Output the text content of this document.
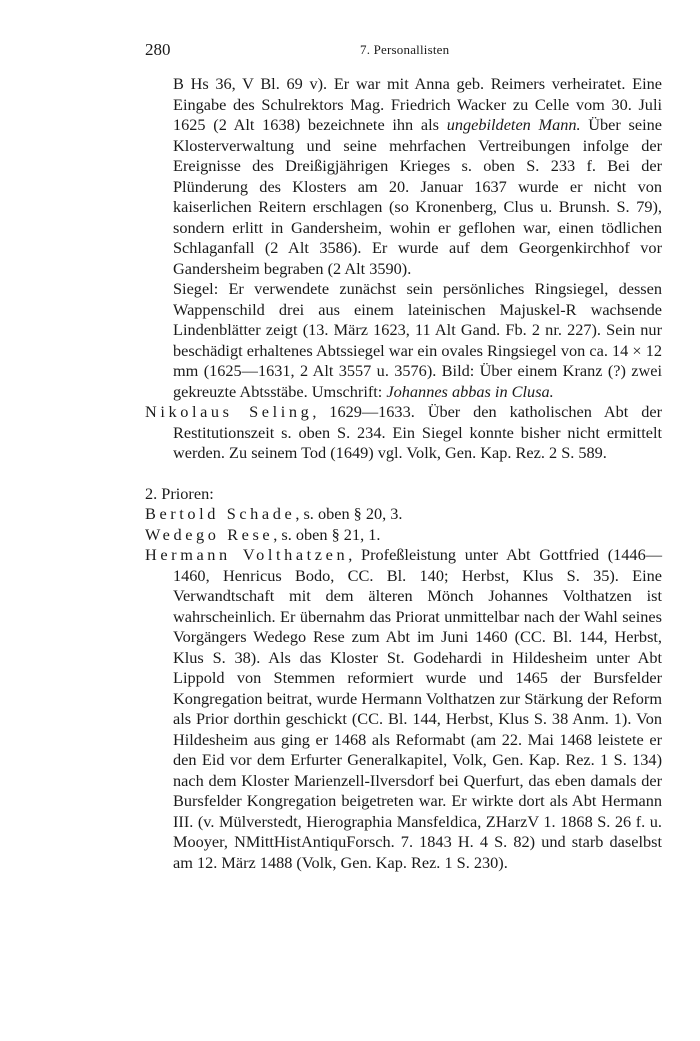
280	7. Personallisten

B Hs 36, V Bl. 69 v). Er war mit Anna geb. Reimers verheiratet. Eine Eingabe des Schulrektors Mag. Friedrich Wacker zu Celle vom 30. Juli 1625 (2 Alt 1638) bezeichnete ihn als ungebildeten Mann. Über seine Klosterverwaltung und seine mehrfachen Vertreibungen infolge der Ereignisse des Dreißigjährigen Krieges s. oben S. 233 f. Bei der Plünderung des Klosters am 20. Januar 1637 wurde er nicht von kaiserlichen Reitern erschlagen (so Kronenberg, Clus u. Brunsh. S. 79), sondern erlitt in Gandersheim, wohin er geflohen war, einen tödlichen Schlaganfall (2 Alt 3586). Er wurde auf dem Georgenkirchhof vor Gandersheim begraben (2 Alt 3590).

Siegel: Er verwendete zunächst sein persönliches Ringsiegel, dessen Wappenschild drei aus einem lateinischen Majuskel-R wachsende Lindenblätter zeigt (13. März 1623, 11 Alt Gand. Fb. 2 nr. 227). Sein nur beschädigt erhaltenes Abtssiegel war ein ovales Ringsiegel von ca. 14 × 12 mm (1625—1631, 2 Alt 3557 u. 3576). Bild: Über einem Kranz (?) zwei gekreuzte Abtsstäbe. Umschrift: Johannes abbas in Clusa.

Nikolaus Seling, 1629—1633. Über den katholischen Abt der Restitutionszeit s. oben S. 234. Ein Siegel konnte bisher nicht ermittelt werden. Zu seinem Tod (1649) vgl. Volk, Gen. Kap. Rez. 2 S. 589.

2. Prioren:

Bertold Schade, s. oben § 20, 3.

Wedego Rese, s. oben § 21, 1.

Hermann Volthatzen, Profeßleistung unter Abt Gottfried (1446—1460, Henricus Bodo, CC. Bl. 140; Herbst, Klus S. 35). Eine Verwandtschaft mit dem älteren Mönch Johannes Volthatzen ist wahrscheinlich. Er übernahm das Priorat unmittelbar nach der Wahl seines Vorgängers Wedego Rese zum Abt im Juni 1460 (CC. Bl. 144, Herbst, Klus S. 38). Als das Kloster St. Godehardi in Hildesheim unter Abt Lippold von Stemmen reformiert wurde und 1465 der Bursfelder Kongregation beitrat, wurde Hermann Volthatzen zur Stärkung der Reform als Prior dorthin geschickt (CC. Bl. 144, Herbst, Klus S. 38 Anm. 1). Von Hildesheim aus ging er 1468 als Reformabt (am 22. Mai 1468 leistete er den Eid vor dem Erfurter Generalkapitel, Volk, Gen. Kap. Rez. 1 S. 134) nach dem Kloster Marienzell-Ilversdorf bei Querfurt, das eben damals der Bursfelder Kongregation beigetreten war. Er wirkte dort als Abt Hermann III. (v. Mülverstedt, Hierographia Mansfeldica, ZHarzV 1. 1868 S. 26 f. u. Mooyer, NMittHistAntiquForsch. 7. 1843 H. 4 S. 82) und starb daselbst am 12. März 1488 (Volk, Gen. Kap. Rez. 1 S. 230).
